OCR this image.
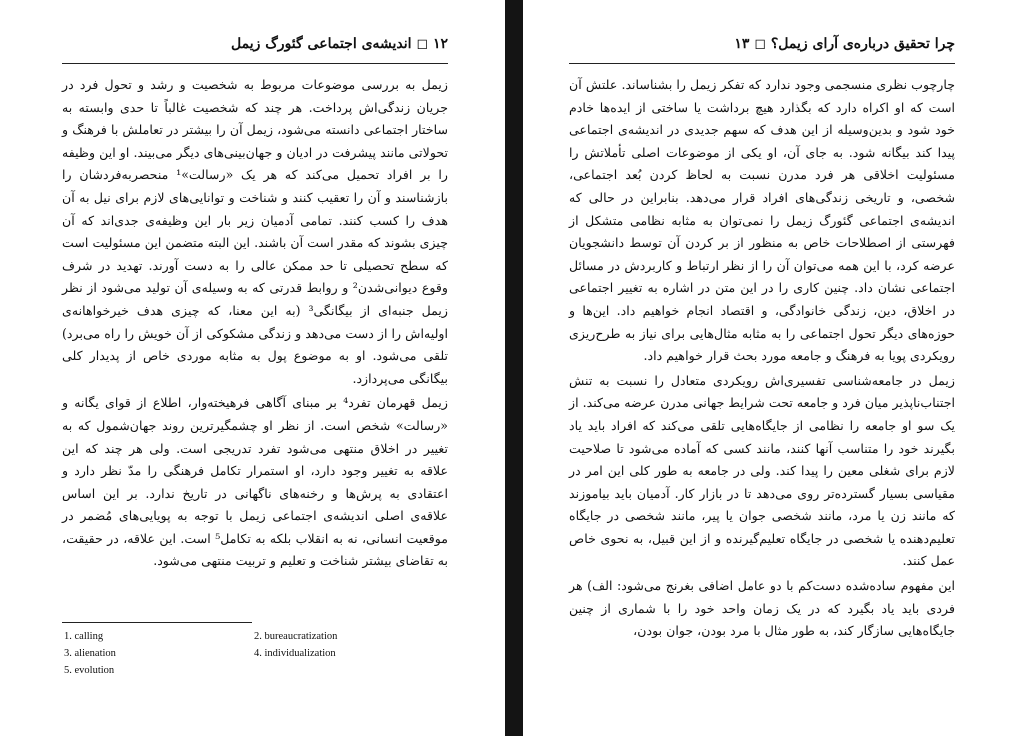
۱۲ ◻ اندیشه‌ی اجتماعی گئورگ زیمل

زیمل به بررسی موضوعات مربوط به شخصیت و رشد و تحول فرد در جریان زندگی‌اش پرداخت. هر چند که شخصیت غالباً تا حدی وابسته به ساختار اجتماعی دانسته می‌شود، زیمل آن را بیشتر در تعاملش با فرهنگ و تحولاتی مانند پیشرفت در ادیان و جهان‌بینی‌های دیگر می‌بیند. او این وظیفه را بر افراد تحمیل می‌کند که هر یک «رسالت»¹ منحصربه‌فردشان را بازشناسند و آن را تعقیب کنند و شناخت و توانایی‌های لازم برای نیل به آن هدف را کسب کنند. تمامی آدمیان زیر بار این وظیفه‌ی جدی‌اند که آن چیزی بشوند که مقدر است آن باشند. این البته متضمن این مسئولیت است که سطح تحصیلی تا حد ممکن عالی را به دست آورند. تهدید در شرف وقوع دیوانی‌شدن² و روابط قدرتی که به وسیله‌ی آن تولید می‌شود از نظر زیمل جنبه‌ای از بیگانگی³ (به این معنا، که چیزی هدف خیرخواهانه‌ی اولیه‌اش را از دست می‌دهد و زندگی مشکوکی از آن خویش را راه می‌برد) تلقی می‌شود. او به موضوع پول به مثابه موردی خاص از پدیدار کلی بیگانگی می‌پردازد.

زیمل قهرمان تفرد⁴ بر مبنای آگاهی فرهیخته‌وار، اطلاع از قوای یگانه و «رسالت» شخص است. از نظر او چشمگیرترین روند جهان‌شمول که به تغییر در اخلاق منتهی می‌شود تفرد تدریجی است. ولی هر چند که این علاقه به تغییر وجود دارد، او استمرار تکامل فرهنگی را مدّ نظر دارد و اعتقادی به پرش‌ها و رخنه‌های ناگهانی در تاریخ ندارد. بر این اساس علاقه‌ی اصلی اندیشه‌ی اجتماعی زیمل با توجه به پویایی‌های مُضمر در موقعیت انسانی، نه به انقلاب بلکه به تکامل⁵ است. این علاقه، در حقیقت، به تقاضای بیشتر شناخت و تعلیم و تربیت منتهی می‌شود.

1. calling	2. bureaucratization
3. alienation	4. individualization
5. evolution
چرا تحقیق درباره‌ی آرای زیمل؟ ◻ ۱۳

چارچوب نظری منسجمی وجود ندارد که تفکر زیمل را بشناساند. علتش آن است که او اکراه دارد که بگذارد هیچ برداشت یا ساختی از ایده‌ها خادم خود شود و بدین‌وسیله از این هدف که سهم جدیدی در اندیشه‌ی اجتماعی پیدا کند بیگانه شود. به جای آن، او یکی از موضوعات اصلی تأملاتش را مسئولیت اخلاقی هر فرد مدرن نسبت به لحاظ کردن بُعد اجتماعی، شخصی، و تاریخی زندگی‌های افراد قرار می‌دهد. بنابراین در حالی که اندیشه‌ی اجتماعی گئورگ زیمل را نمی‌توان به مثابه نظامی متشکل از فهرستی از اصطلاحات خاص به منظور از بر کردن آن توسط دانشجویان عرضه کرد، با این همه می‌توان آن را از نظر ارتباط و کاربردش در مسائل اجتماعی نشان داد. چنین کاری را در این متن در اشاره به تغییر اجتماعی در اخلاق، دین، زندگی خانوادگی، و اقتصاد انجام خواهیم داد. این‌ها و حوزه‌های دیگر تحول اجتماعی را به مثابه مثال‌هایی برای نیاز به طرح‌ریزی رویکردی پویا به فرهنگ و جامعه مورد بحث قرار خواهیم داد.

زیمل در جامعه‌شناسی تفسیری‌اش رویکردی متعادل را نسبت به تنش اجتناب‌ناپذیر میان فرد و جامعه تحت شرایط جهانی مدرن عرضه می‌کند. از یک سو او جامعه را نظامی از جایگاه‌هایی تلقی می‌کند که افراد باید یاد بگیرند خود را متناسب آنها کنند، مانند کسی که آماده می‌شود تا صلاحیت لازم برای شغلی معین را پیدا کند. ولی در جامعه به طور کلی این امر در مقیاسی بسیار گسترده‌تر روی می‌دهد تا در بازار کار. آدمیان باید بیاموزند که مانند زن یا مرد، مانند شخصی جوان یا پیر، مانند شخصی در جایگاه تعلیم‌دهنده یا شخصی در جایگاه تعلیم‌گیرنده و از این قبیل، به نحوی خاص عمل کنند.

این مفهوم ساده‌شده دست‌کم با دو عامل اضافی بغرنج می‌شود: الف) هر فردی باید یاد بگیرد که در یک زمان واحد خود را با شماری از چنین جایگاه‌هایی سازگار کند، به طور مثال با مرد بودن، جوان بودن،
